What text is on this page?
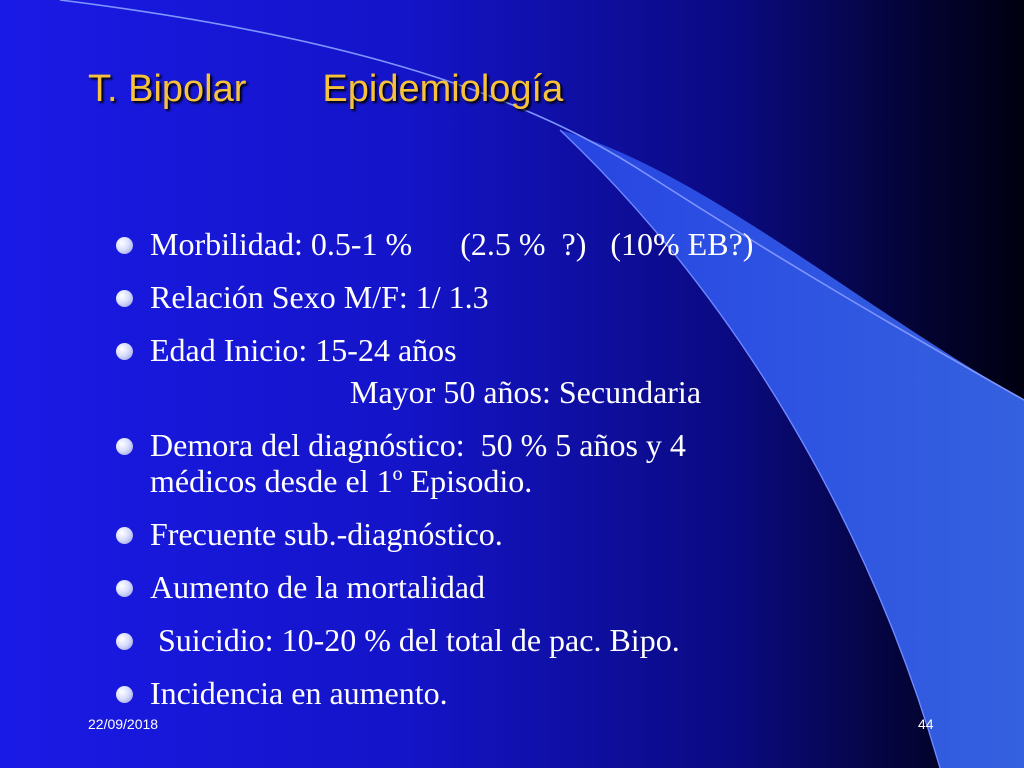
T. Bipolar Epidemiología
Morbilidad: 0.5-1 %      (2.5 %  ?)   (10% EB?)
Relación Sexo M/F: 1/ 1.3
Edad Inicio: 15-24 años
Mayor 50 años: Secundaria
Demora del diagnóstico:  50 % 5 años y 4
médicos desde el 1º Episodio.
Frecuente sub.-diagnóstico.
Aumento de la mortalidad
Suicidio: 10-20 % del total de pac. Bipo.
Incidencia en aumento.
22/09/2018	44
